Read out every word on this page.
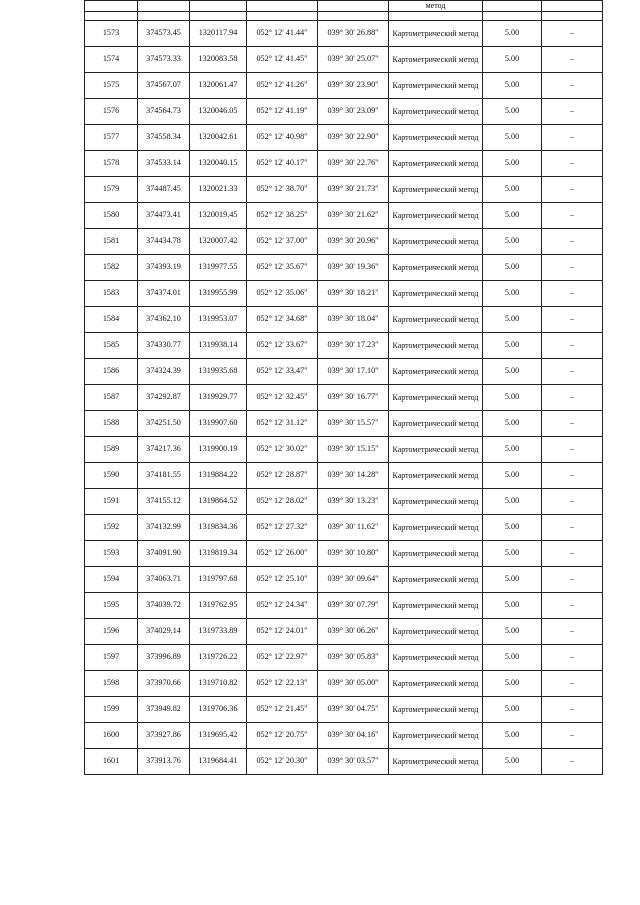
					метод		

1573	374573.45	1320117.94	052° 12' 41.44"	039° 30' 26.88"	Картометрический метод	5.00	–
1574	374573.33	1320083.58	052° 12' 41.45"	039° 30' 25.07"	Картометрический метод	5.00	–
1575	374567.07	1320061.47	052° 12' 41.26"	039° 30' 23.90"	Картометрический метод	5.00	–
1576	374564.73	1320046.05	052° 12' 41.19"	039° 30' 23.09"	Картометрический метод	5.00	–
1577	374558.34	1320042.61	052° 12' 40.98"	039° 30' 22.90"	Картометрический метод	5.00	–
1578	374533.14	1320040.15	052° 12' 40.17"	039° 30' 22.76"	Картометрический метод	5.00	–
1579	374487.45	1320021.33	052° 12' 38.70"	039° 30' 21.73"	Картометрический метод	5.00	–
1580	374473.41	1320019.45	052° 12' 38.25"	039° 30' 21.62"	Картометрический метод	5.00	–
1581	374434.78	1320007.42	052° 12' 37.00"	039° 30' 20.96"	Картометрический метод	5.00	–
1582	374393.19	1319977.55	052° 12' 35.67"	039° 30' 19.36"	Картометрический метод	5.00	–
1583	374374.01	1319955.99	052° 12' 35.06"	039° 30' 18.21"	Картометрический метод	5.00	–
1584	374362.10	1319953.07	052° 12' 34.68"	039° 30' 18.04"	Картометрический метод	5.00	–
1585	374330.77	1319938.14	052° 12' 33.67"	039° 30' 17.23"	Картометрический метод	5.00	–
1586	374324.39	1319935.68	052° 12' 33.47"	039° 30' 17.10"	Картометрический метод	5.00	–
1587	374292.87	1319929.77	052° 12' 32.45"	039° 30' 16.77"	Картометрический метод	5.00	–
1588	374251.50	1319907.60	052° 12' 31.12"	039° 30' 15.57"	Картометрический метод	5.00	–
1589	374217.36	1319900.19	052° 12' 30.02"	039° 30' 15.15"	Картометрический метод	5.00	–
1590	374181.55	1319884.22	052° 12' 28.87"	039° 30' 14.28"	Картометрический метод	5.00	–
1591	374155.12	1319864.52	052° 12' 28.02"	039° 30' 13.23"	Картометрический метод	5.00	–
1592	374132.99	1319834.36	052° 12' 27.32"	039° 30' 11.62"	Картометрический метод	5.00	–
1593	374091.90	1319819.34	052° 12' 26.00"	039° 30' 10.80"	Картометрический метод	5.00	–
1594	374063.71	1319797.68	052° 12' 25.10"	039° 30' 09.64"	Картометрический метод	5.00	–
1595	374039.72	1319762.95	052° 12' 24.34"	039° 30' 07.79"	Картометрический метод	5.00	–
1596	374029.14	1319733.89	052° 12' 24.01"	039° 30' 06.26"	Картометрический метод	5.00	–
1597	373996.89	1319726.22	052° 12' 22.97"	039° 30' 05.83"	Картометрический метод	5.00	–
1598	373970.66	1319710.82	052° 12' 22.13"	039° 30' 05.00"	Картометрический метод	5.00	–
1599	373949.82	1319706.36	052° 12' 21.45"	039° 30' 04.75"	Картометрический метод	5.00	–
1600	373927.86	1319695.42	052° 12' 20.75"	039° 30' 04.16"	Картометрический метод	5.00	–
1601	373913.76	1319684.41	052° 12' 20.30"	039° 30' 03.57"	Картометрический метод	5.00	–
